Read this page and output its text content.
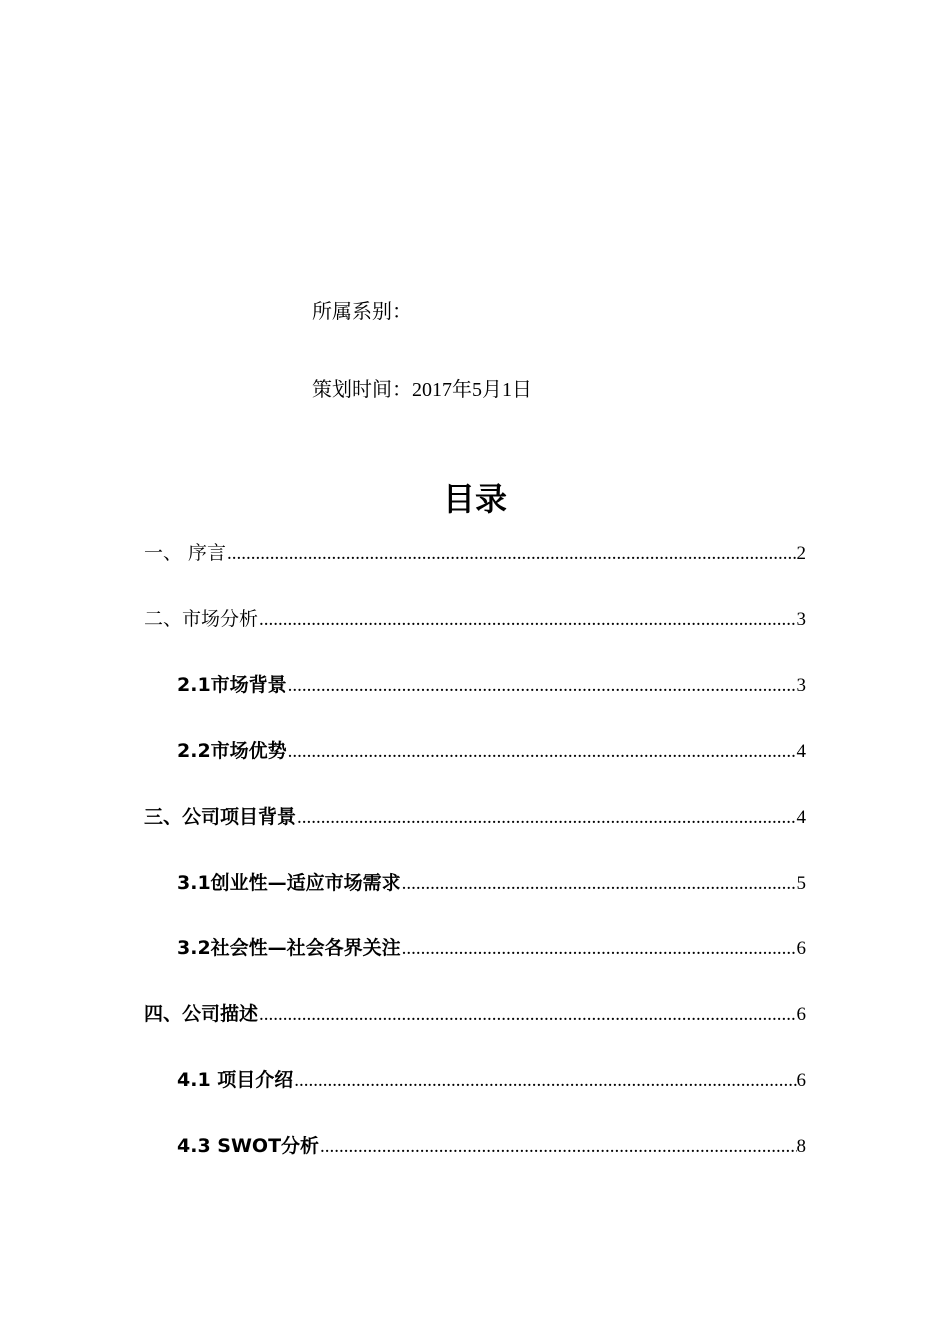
所属系别：
策划时间：2017年5月1日
目录
一、 序言 .....	2
二、市场分析 .....	3
2.1市场背景 .....	3
2.2市场优势 .....	4
三、公司项目背景 .....	4
3.1创业性—适应市场需求 .....	5
3.2社会性—社会各界关注 .....	6
四、公司描述 .....	6
4.1 项目介绍 .....	6
4.3 SWOT分析 .....	8
